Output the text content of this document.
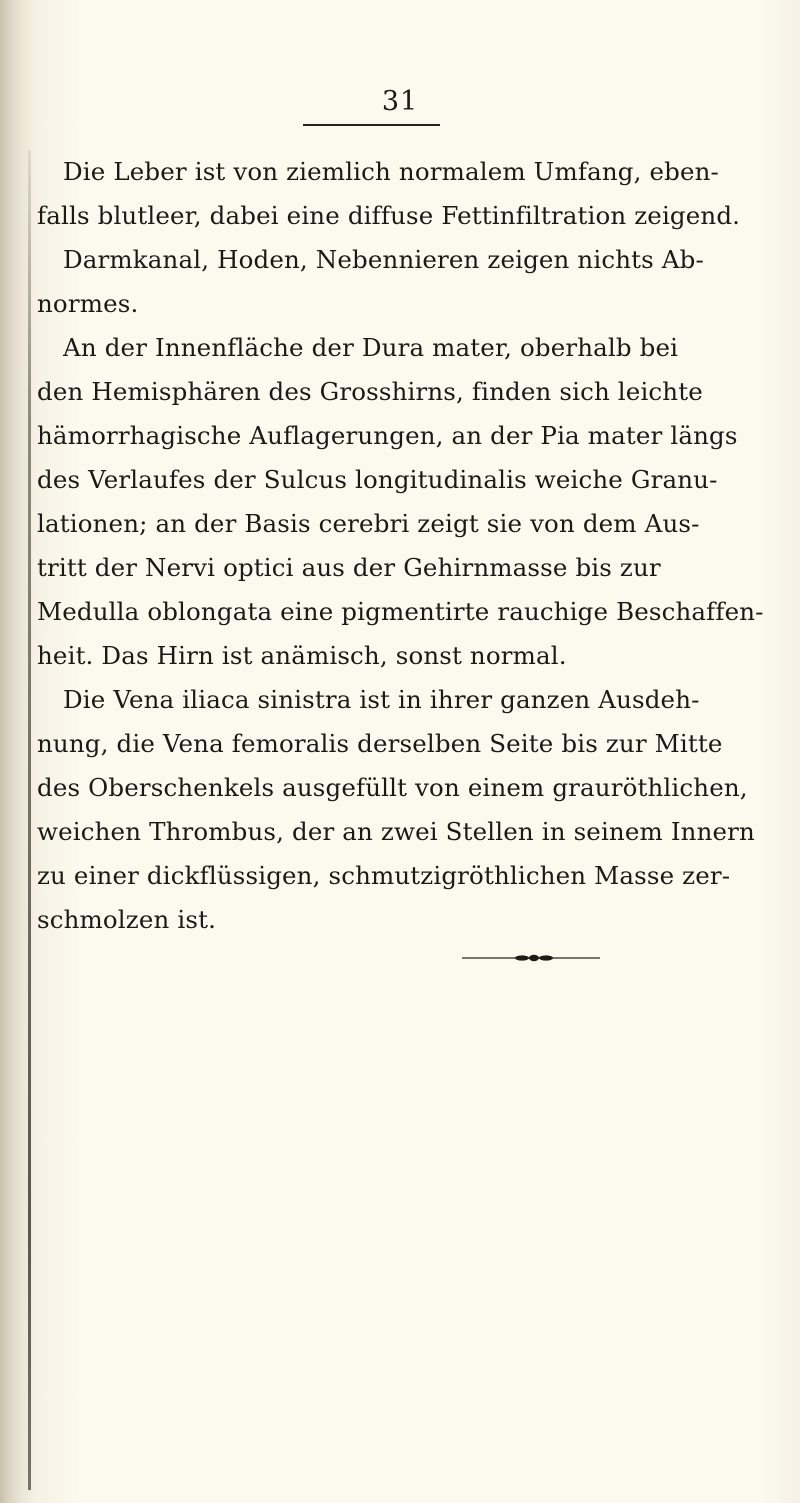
31
Die Leber ist von ziemlich normalem Umfang, eben-
falls blutleer, dabei eine diffuse Fettinfiltration zeigend.
Darmkanal, Hoden, Nebennieren zeigen nichts Ab-
normes.
An der Innenfläche der Dura mater, oberhalb bei
den Hemisphären des Grosshirns, finden sich leichte
hämorrhagische Auflagerungen, an der Pia mater längs
des Verlaufes der Sulcus longitudinalis weiche Granu-
lationen; an der Basis cerebri zeigt sie von dem Aus-
tritt der Nervi optici aus der Gehirnmasse bis zur
Medulla oblongata eine pigmentirte rauchige Beschaffen-
heit. Das Hirn ist anämisch, sonst normal.
Die Vena iliaca sinistra ist in ihrer ganzen Ausdeh-
nung, die Vena femoralis derselben Seite bis zur Mitte
des Oberschenkels ausgefüllt von einem grauröthlichen,
weichen Thrombus, der an zwei Stellen in seinem Innern
zu einer dickflüssigen, schmutzigröthlichen Masse zer-
schmolzen ist.
